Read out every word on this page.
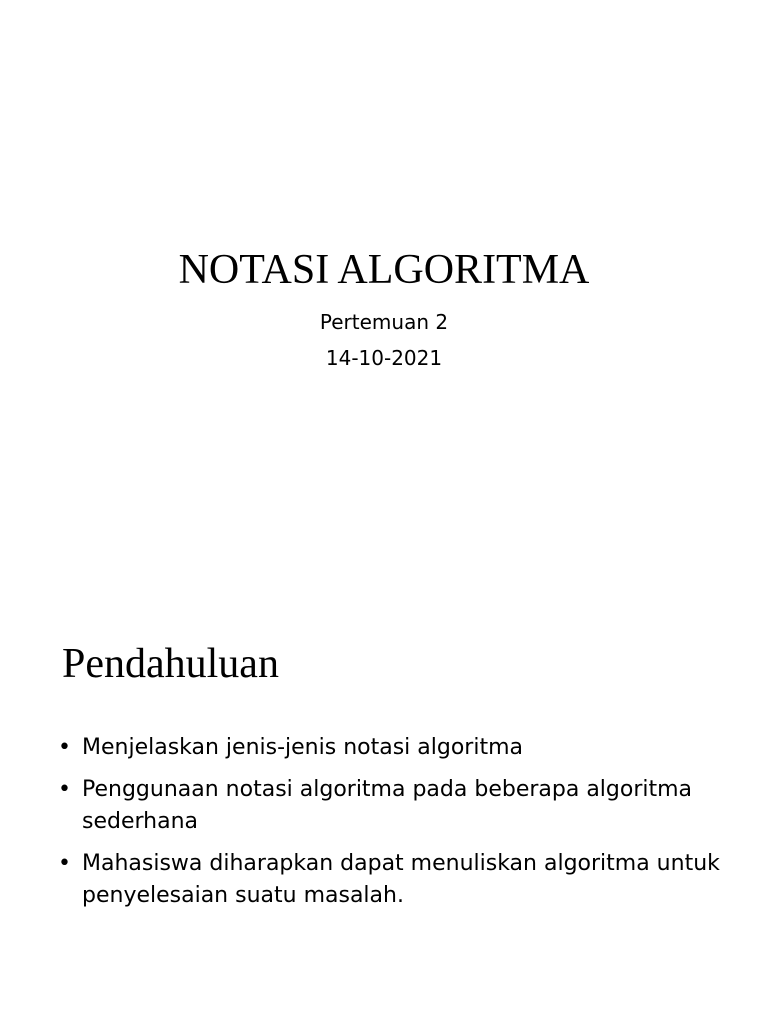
NOTASI ALGORITMA
Pertemuan 2
14-10-2021
Pendahuluan
• Menjelaskan jenis-jenis notasi algoritma
• Penggunaan notasi algoritma pada beberapa algoritma sederhana
• Mahasiswa diharapkan dapat menuliskan algoritma untuk penyelesaian suatu masalah.
